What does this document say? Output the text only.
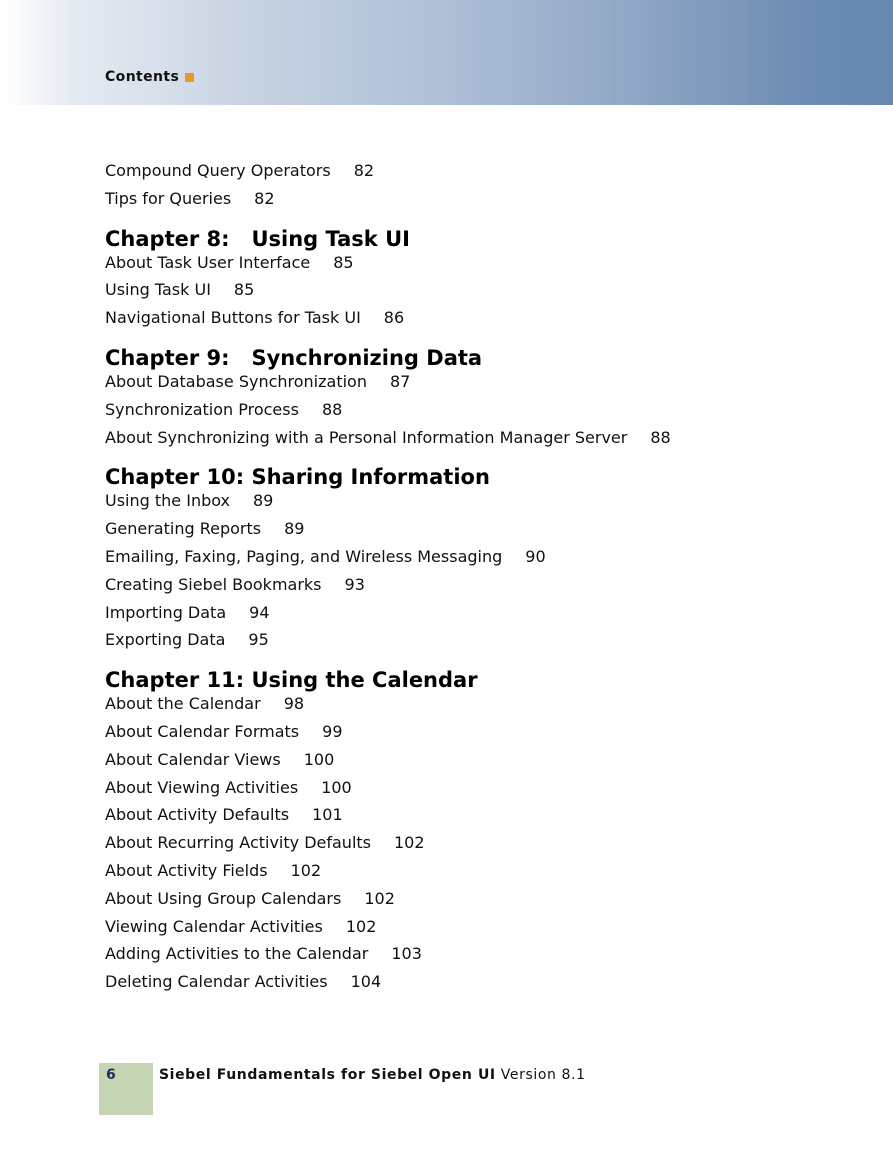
Contents
Compound Query Operators 82
Tips for Queries 82
Chapter 8:   Using Task UI
About Task User Interface 85
Using Task UI 85
Navigational Buttons for Task UI 86
Chapter 9:   Synchronizing Data
About Database Synchronization 87
Synchronization Process 88
About Synchronizing with a Personal Information Manager Server 88
Chapter 10: Sharing Information
Using the Inbox 89
Generating Reports 89
Emailing, Faxing, Paging, and Wireless Messaging 90
Creating Siebel Bookmarks 93
Importing Data 94
Exporting Data 95
Chapter 11: Using the Calendar
About the Calendar 98
About Calendar Formats 99
About Calendar Views 100
About Viewing Activities 100
About Activity Defaults 101
About Recurring Activity Defaults 102
About Activity Fields 102
About Using Group Calendars 102
Viewing Calendar Activities 102
Adding Activities to the Calendar 103
Deleting Calendar Activities 104
6	Siebel Fundamentals for Siebel Open UI Version 8.1
